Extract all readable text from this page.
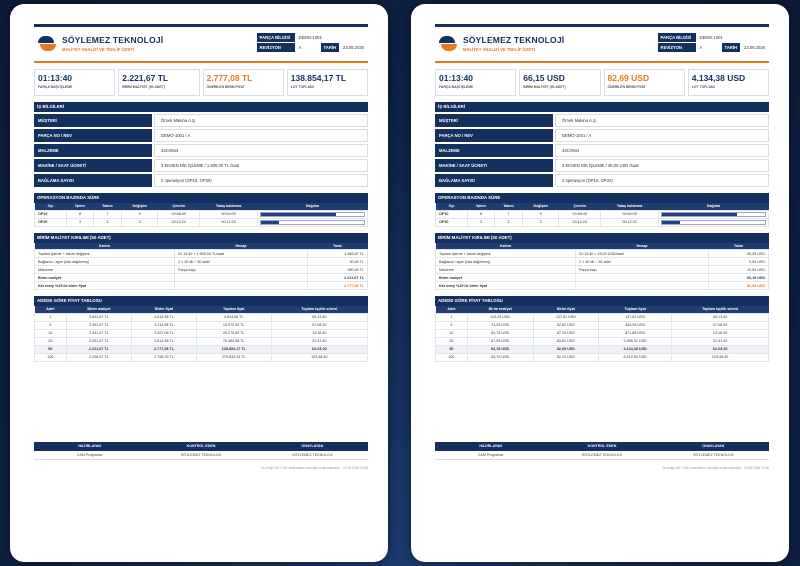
SÖYLEMEZ TEKNOLOJİ
MALİYET ANALİZİ VE TEKLİF ÖZETİ
PARÇA BİLGİSİ	DEMO-1001
REVİZYON	A	TARİH	23.09.2026
01:13:40
PARÇA BAŞI İŞLEME
2.221,67 TL
BİRİM MALİYET (50 ADET)
2.777,08 TL
ÖNERİLEN BİRİM FİYAT
138.854,17 TL
LOT TOPLAMI
İŞ BİLGİLERİ
MÜŞTERİ	Örnek Makina A.Ş.
PARÇA NO / REV	DEMO-1001 / A
MALZEME	42CrMo4
MAKİNE / SAAT ÜCRETİ	3 EKSEN DİK İŞLEME / 1.500,00 TL /saat
BAĞLAMA SAYISI	2 operasyon (OP10, OP20)
OPERASYON BAZINDA SÜRE
Op.	İşlem	Takım	Değişim	Çevrim	Talaş kaldırma	Dağılım
OP10	8	7	9	00:58:49	00:54:05	

OP20	3	3	3	00:12:24	00:12:20	
BİRİM MALİYET KIRILIMI (50 ADET)
Kalem	Hesap	Tutar
Toplam işleme + takım değişimi	01:13:40 × 1.500,00 TL/saat	1.845,67 TL
Bağlama / ayar (lota dağıtılmış)	2 × 30 dk ÷ 50 adet	30,00 TL
Malzeme	Parça başı	350,00 TL
Birim maliyet		2.221,67 TL
Kâr marjı %25 ile birim fiyat		2.777,08 TL
ADEDE GÖRE FİYAT TABLOSU
Adet	Birim maliyet	Birim fiyat	Toplam fiyat	Toplam işçilik süresi
1	3.691,67 TL	4.614,58 TL	4.614,58 TL	00:13:40
5	2.491,67 TL	3.114,58 TL	15.572,92 TL	07:08:20
10	2.341,67 TL	2.927,08 TL	29.270,83 TL	13:16:40
25	2.251,67 TL	2.814,58 TL	70.364,58 TL	31:41:40
50	2.221,67 TL	2.777,08 TL	138.854,17 TL	62:23:20
100	2.206,67 TL	2.758,33 TL	275.833,33 TL	123:46:40
HAZIRLAYAN	KONTROL EDEN	ONAYLAYAN
CAM Programcı	SÖYLEMEZ TEKNOLOJİ	SÖYLEMEZ TEKNOLOJİ
Bu belge NX CAM verilerinden otomatik oluşturulmuştur · 23.09.2026 10:58
SÖYLEMEZ TEKNOLOJİ
MALİYET ANALİZİ VE TEKLİF ÖZETİ
PARÇA BİLGİSİ	DEMO-1001
REVİZYON	A	TARİH	23.09.2026
01:13:40
PARÇA BAŞI İŞLEME
66,15 USD
BİRİM MALİYET (50 ADET)
82,69 USD
ÖNERİLEN BİRİM FİYAT
4.134,38 USD
LOT TOPLAMI
İŞ BİLGİLERİ
MÜŞTERİ	Örnek Makina A.Ş.
PARÇA NO / REV	DEMO-1001 / A
MALZEME	42CrMo4
MAKİNE / SAAT ÜCRETİ	3 EKSEN DİK İŞLEME / 45,00 USD /saat
BAĞLAMA SAYISI	2 operasyon (OP10, OP20)
OPERASYON BAZINDA SÜRE
Op.	İşlem	Takım	Değişim	Çevrim	Talaş kaldırma	Dağılım
OP10	8	7	9	00:58:49	00:54:05	

OP20	3	3	3	00:12:24	00:12:20	
BİRİM MALİYET KIRILIMI (50 ADET)
Kalem	Hesap	Tutar
Toplam işleme + takım değişimi	01:13:40 × 45,00 USD/saat	55,25 USD
Bağlama / ayar (lota dağıtılmış)	2 × 30 dk ÷ 50 adet	0,90 USD
Malzeme	Parça başı	10,00 USD
Birim maliyet		66,15 USD
Kâr marjı %25 ile birim fiyat		82,69 USD
ADEDE GÖRE FİYAT TABLOSU
Adet	Birim maliyet	Birim fiyat	Toplam fiyat	Toplam işçilik süresi
1	110,25 USD	137,81 USD	137,81 USD	00:13:40
5	74,25 USD	92,81 USD	464,06 USD	07:08:20
10	69,75 USD	87,19 USD	871,88 USD	13:16:40
25	67,05 USD	83,81 USD	2.095,31 USD	31:41:40
50	66,15 USD	82,69 USD	4.134,38 USD	62:23:20
100	65,70 USD	82,13 USD	8.212,50 USD	123:46:40
HAZIRLAYAN	KONTROL EDEN	ONAYLAYAN
CAM Programcı	SÖYLEMEZ TEKNOLOJİ	SÖYLEMEZ TEKNOLOJİ
Bu belge NX CAM verilerinden otomatik oluşturulmuştur · 23.09.2026 10:58
